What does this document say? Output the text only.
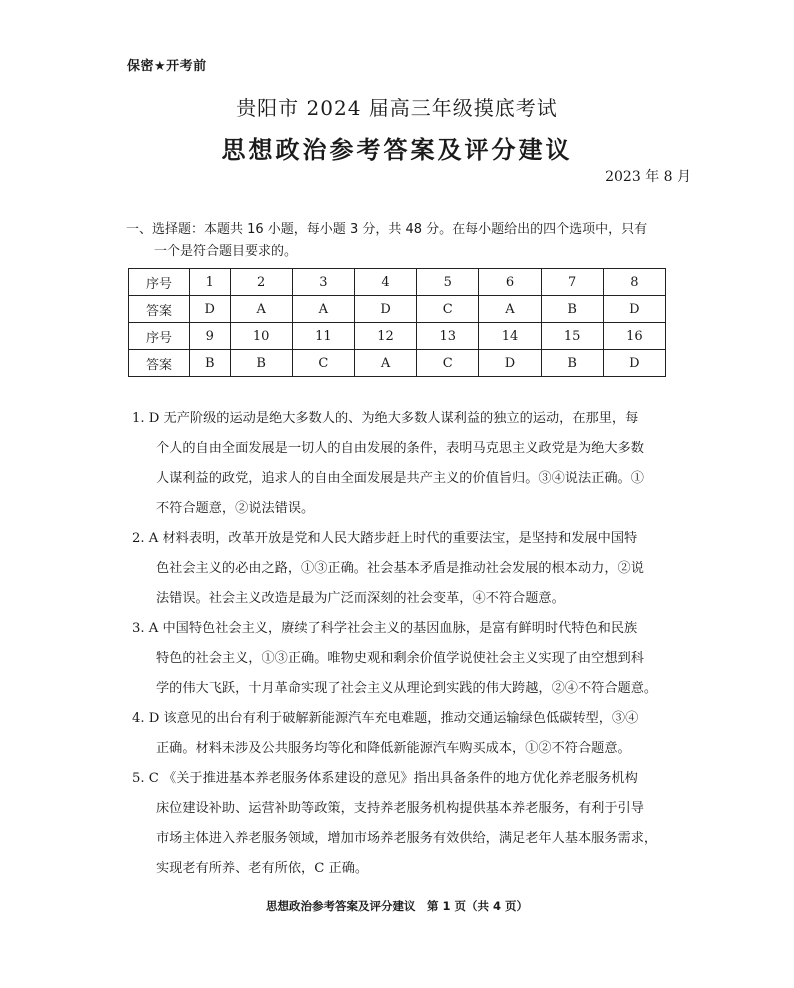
保密★开考前
贵阳市 2024 届高三年级摸底考试
思想政治参考答案及评分建议
2023 年 8 月
一、选择题：本题共 16 小题，每小题 3 分，共 48 分。在每小题给出的四个选项中，只有
一个是符合题目要求的。
序号	1	2	3	4	5	6	7	8
答案	D	A	A	D	C	A	B	D
序号	9	10	11	12	13	14	15	16
答案	B	B	C	A	C	D	B	D
1. D 无产阶级的运动是绝大多数人的、为绝大多数人谋利益的独立的运动，在那里，每
个人的自由全面发展是一切人的自由发展的条件，表明马克思主义政党是为绝大多数
人谋利益的政党，追求人的自由全面发展是共产主义的价值旨归。③④说法正确。①
不符合题意，②说法错误。
2. A 材料表明，改革开放是党和人民大踏步赶上时代的重要法宝，是坚持和发展中国特
色社会主义的必由之路，①③正确。社会基本矛盾是推动社会发展的根本动力，②说
法错误。社会主义改造是最为广泛而深刻的社会变革，④不符合题意。
3. A 中国特色社会主义，赓续了科学社会主义的基因血脉，是富有鲜明时代特色和民族
特色的社会主义，①③正确。唯物史观和剩余价值学说使社会主义实现了由空想到科
学的伟大飞跃，十月革命实现了社会主义从理论到实践的伟大跨越，②④不符合题意。
4. D 该意见的出台有利于破解新能源汽车充电难题，推动交通运输绿色低碳转型，③④
正确。材料未涉及公共服务均等化和降低新能源汽车购买成本，①②不符合题意。
5. C 《关于推进基本养老服务体系建设的意见》指出具备条件的地方优化养老服务机构
床位建设补助、运营补助等政策，支持养老服务机构提供基本养老服务，有利于引导
市场主体进入养老服务领域，增加市场养老服务有效供给，满足老年人基本服务需求，
实现老有所养、老有所依，C 正确。
思想政治参考答案及评分建议　第 1 页（共 4 页）
